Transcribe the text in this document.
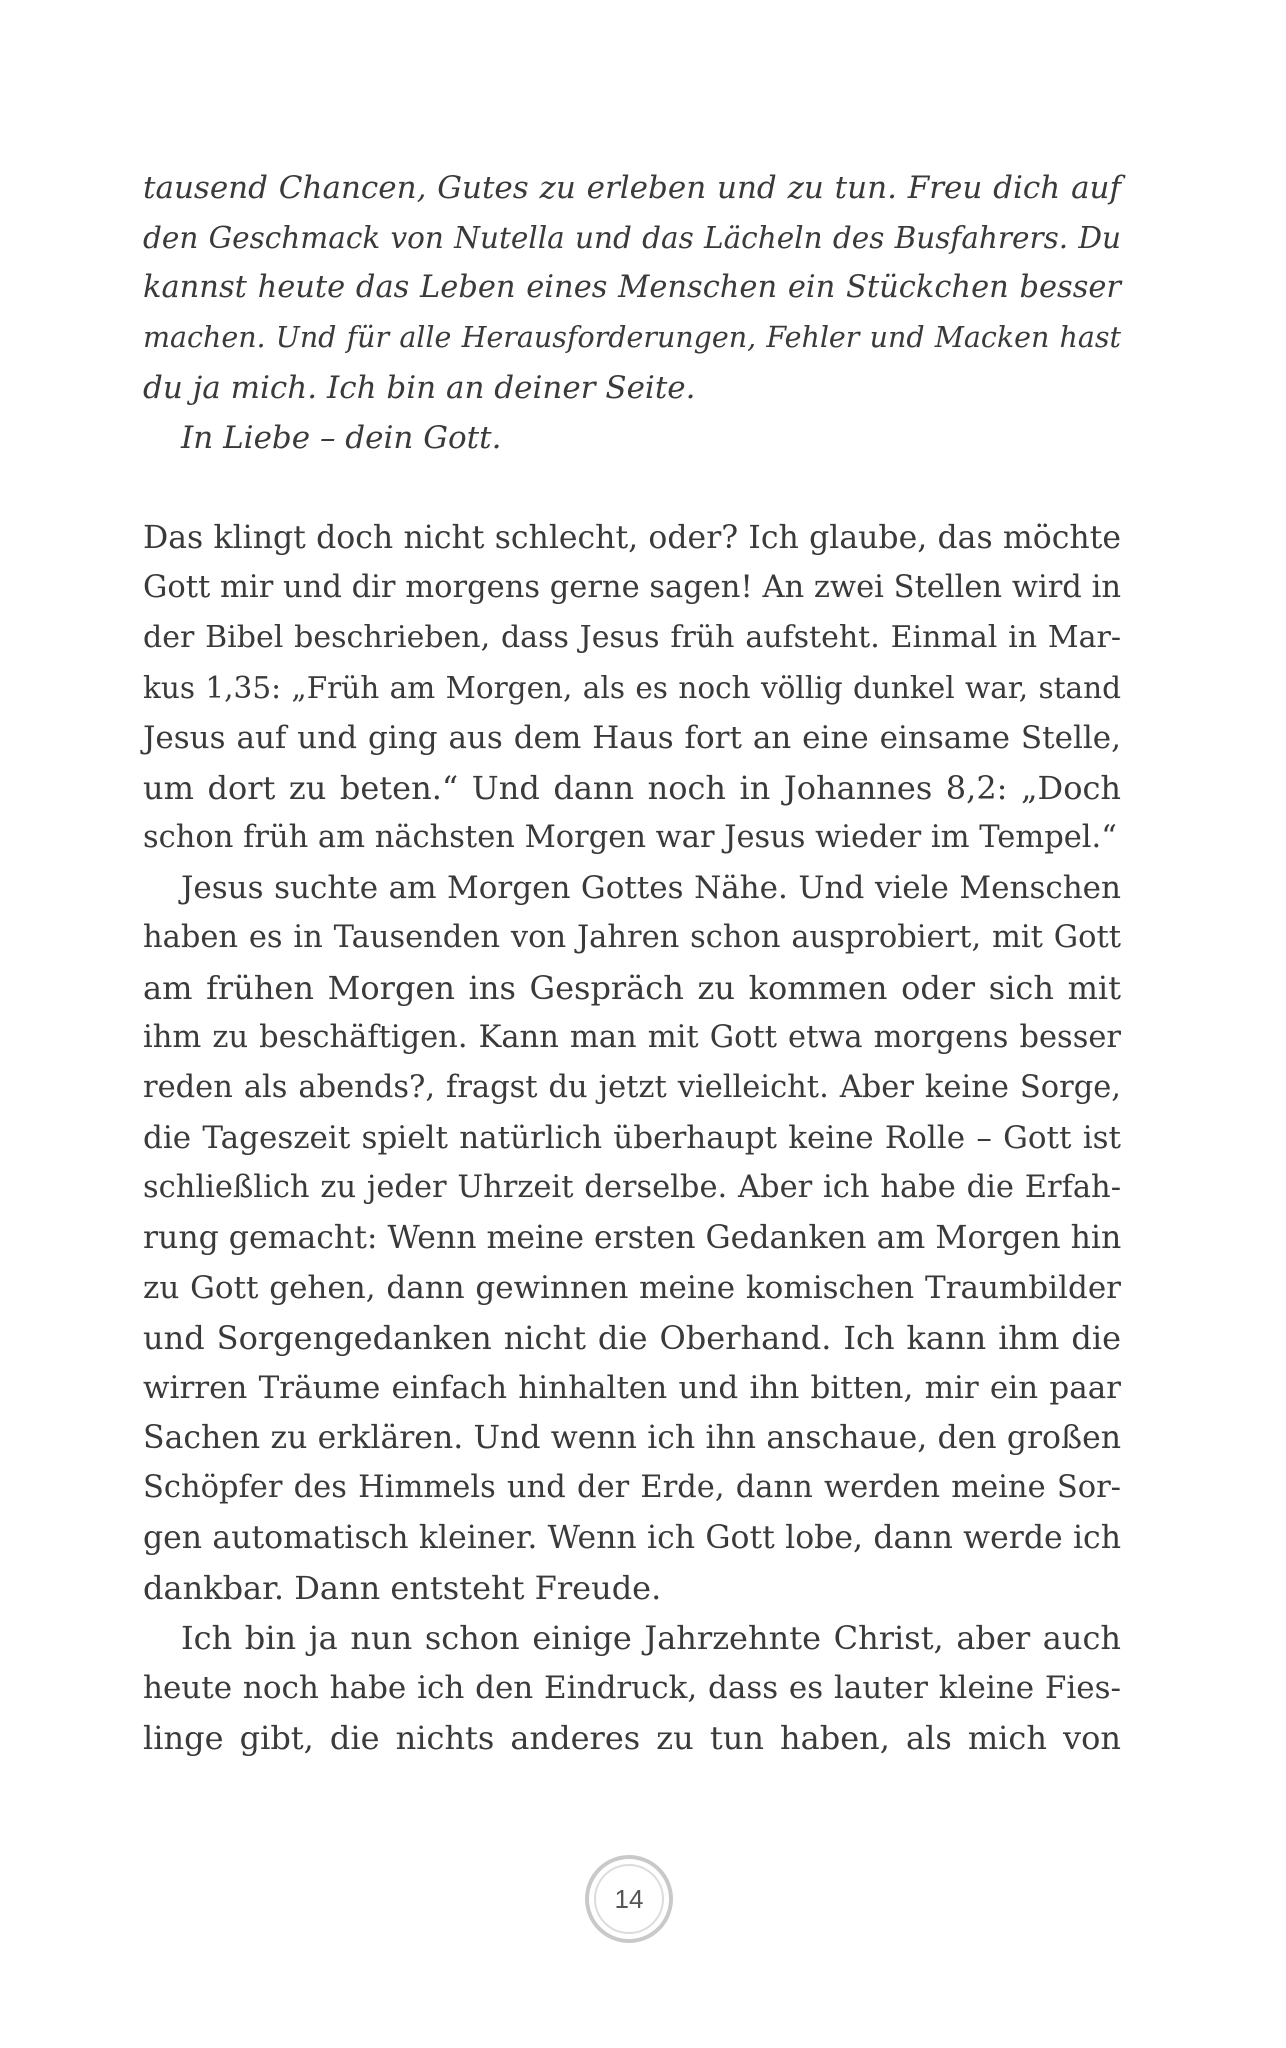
tausend Chancen, Gutes zu erleben und zu tun. Freu dich auf
den Geschmack von Nutella und das Lächeln des Busfahrers. Du
kannst heute das Leben eines Menschen ein Stückchen besser
machen. Und für alle Herausforderungen, Fehler und Macken hast
du ja mich. Ich bin an deiner Seite.
In Liebe – dein Gott.
Das klingt doch nicht schlecht, oder? Ich glaube, das möchte
Gott mir und dir morgens gerne sagen! An zwei Stellen wird in
der Bibel beschrieben, dass Jesus früh aufsteht. Einmal in Mar-
kus 1,35: „Früh am Morgen, als es noch völlig dunkel war, stand
Jesus auf und ging aus dem Haus fort an eine einsame Stelle,
um dort zu beten.“ Und dann noch in Johannes 8,2: „Doch
schon früh am nächsten Morgen war Jesus wieder im Tempel.“
Jesus suchte am Morgen Gottes Nähe. Und viele Menschen
haben es in Tausenden von Jahren schon ausprobiert, mit Gott
am frühen Morgen ins Gespräch zu kommen oder sich mit
ihm zu beschäftigen. Kann man mit Gott etwa morgens besser
reden als abends?, fragst du jetzt vielleicht. Aber keine Sorge,
die Tageszeit spielt natürlich überhaupt keine Rolle – Gott ist
schließlich zu jeder Uhrzeit derselbe. Aber ich habe die Erfah-
rung gemacht: Wenn meine ersten Gedanken am Morgen hin
zu Gott gehen, dann gewinnen meine komischen Traumbilder
und Sorgengedanken nicht die Oberhand. Ich kann ihm die
wirren Träume einfach hinhalten und ihn bitten, mir ein paar
Sachen zu erklären. Und wenn ich ihn anschaue, den großen
Schöpfer des Himmels und der Erde, dann werden meine Sor-
gen automatisch kleiner. Wenn ich Gott lobe, dann werde ich
dankbar. Dann entsteht Freude.
Ich bin ja nun schon einige Jahrzehnte Christ, aber auch
heute noch habe ich den Eindruck, dass es lauter kleine Fies-
linge gibt, die nichts anderes zu tun haben, als mich von
14
